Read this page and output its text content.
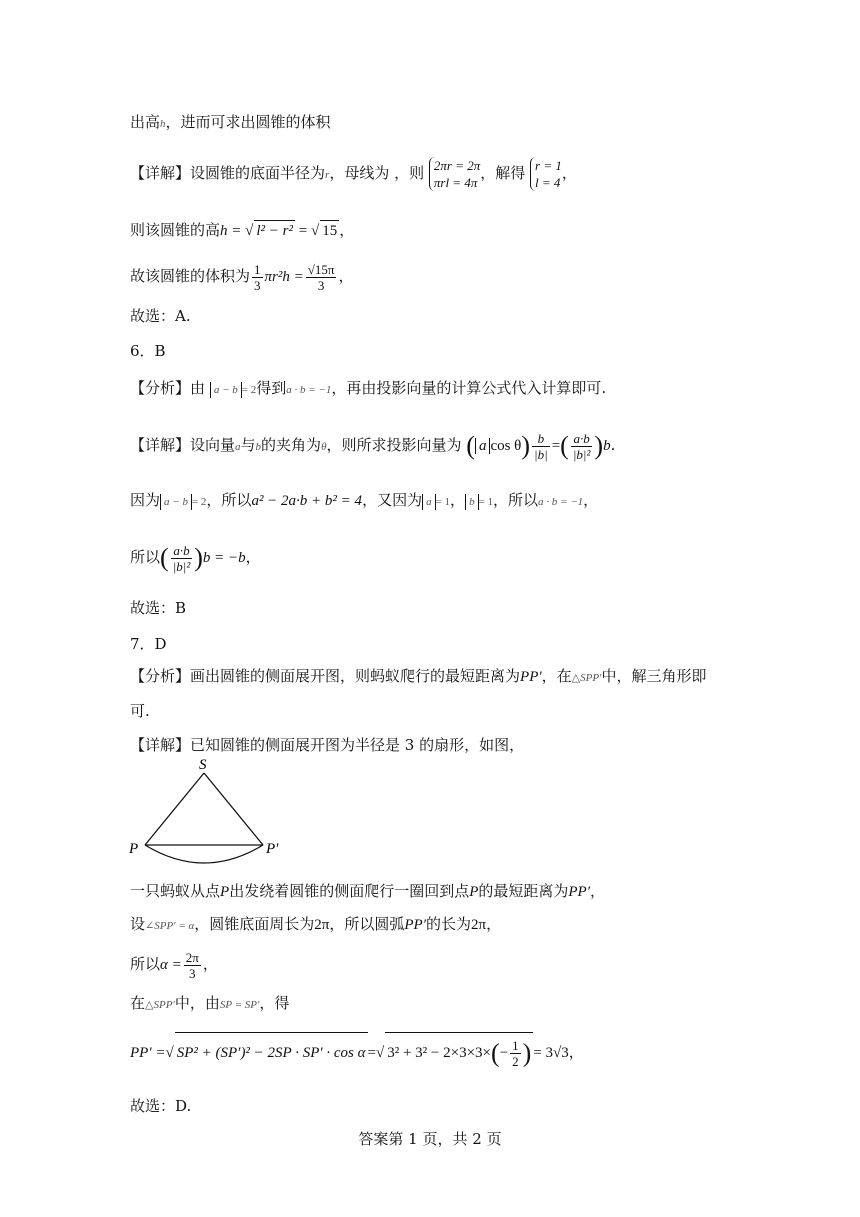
出高h，进而可求出圆锥的体积
【详解】设圆锥的底面半径为r，母线为 ，则 2πr = 2π
πrl = 4π，解得 r = 1
l = 4，
则该圆锥的高h = √ l² − r² = √ 15 ，
故该圆锥的体积为 $\frac{1}{3} \pi r^2h = \frac{√15\pi}{3}$ ，
故选：A.
6．B
【分析】由 a − b = 2得到a · b = −1，再由投影向量的计算公式代入计算即可.
【详解】设向量a与b的夹角为θ，则所求投影向量为 ( a $\cos \theta) \frac{b}{|b|}$ =( $\frac{a\cdot b}{\text{|b|²}} )b$.
因为 a − b = 2，所以a² − 2a·b + b² = 4，又因为 a = 1， b = 1，所以a · b = −1，
所以( $\frac{a\cdot b}{\text{|b|²}} )b = -b$，
故选：B
7．D
【分析】画出圆锥的侧面展开图，则蚂蚁爬行的最短距离为PP′，在△SPP′中，解三角形即
可.
【详解】已知圆锥的侧面展开图为半径是 3 的扇形，如图，
S
P	P′
一只蚂蚁从点P出发绕着圆锥的侧面爬行一圈回到点P的最短距离为PP′，
设∠SPP′ = α，圆锥底面周长为2π，所以圆弧PP′的长为2π，
所以$\alpha = \frac{2\pi}{3}$ ，
在△SPP′中，由SP = SP′，得
PP′ =√ SP² + (SP′)² − 2SP · SP′ · cos α =√ $3^2 + 3^2 - 2\times 3\times 3\times(- \frac{1}{2}$ ) = 3√3，
故选：D.
答案第 1 页，共 2 页
